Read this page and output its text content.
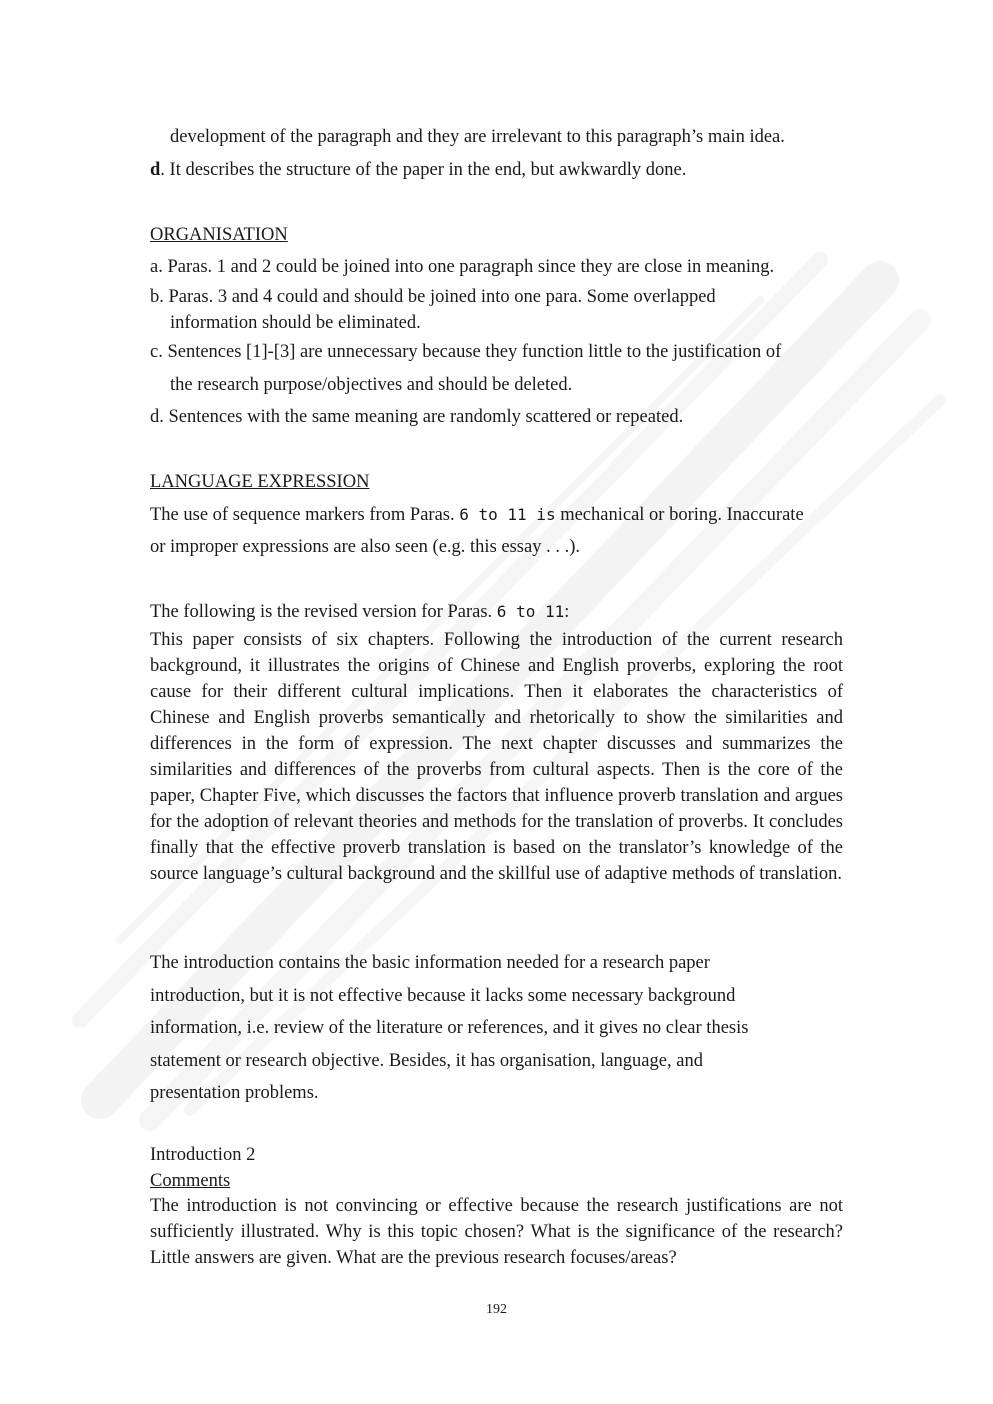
development of the paragraph and they are irrelevant to this paragraph’s main idea.
d. It describes the structure of the paper in the end, but awkwardly done.
ORGANISATION
a. Paras. 1 and 2 could be joined into one paragraph since they are close in meaning.
b. Paras. 3 and 4 could and should be joined into one para. Some overlapped
information should be eliminated.
c. Sentences [1]-[3] are unnecessary because they function little to the justification of
the research purpose/objectives and should be deleted.
d. Sentences with the same meaning are randomly scattered or repeated.
LANGUAGE EXPRESSION
The use of sequence markers from Paras. 6 to 11 is mechanical or boring. Inaccurate
or improper expressions are also seen (e.g. this essay . . .).
The following is the revised version for Paras. 6 to 11:
This paper consists of six chapters. Following the introduction of the current research background, it illustrates the origins of Chinese and English proverbs, exploring the root cause for their different cultural implications. Then it elaborates the characteristics of Chinese and English proverbs semantically and rhetorically to show the similarities and differences in the form of expression. The next chapter discusses and summarizes the similarities and differences of the proverbs from cultural aspects. Then is the core of the paper, Chapter Five, which discusses the factors that influence proverb translation and argues for the adoption of relevant theories and methods for the translation of proverbs. It concludes finally that the effective proverb translation is based on the translator’s knowledge of the source language’s cultural background and the skillful use of adaptive methods of translation.
The introduction contains the basic information needed for a research paper
introduction, but it is not effective because it lacks some necessary background
information, i.e. review of the literature or references, and it gives no clear thesis
statement or research objective. Besides, it has organisation, language, and
presentation problems.
Introduction 2
Comments
The introduction is not convincing or effective because the research justifications are not sufficiently illustrated. Why is this topic chosen? What is the significance of the research? Little answers are given. What are the previous research focuses/areas?
192
